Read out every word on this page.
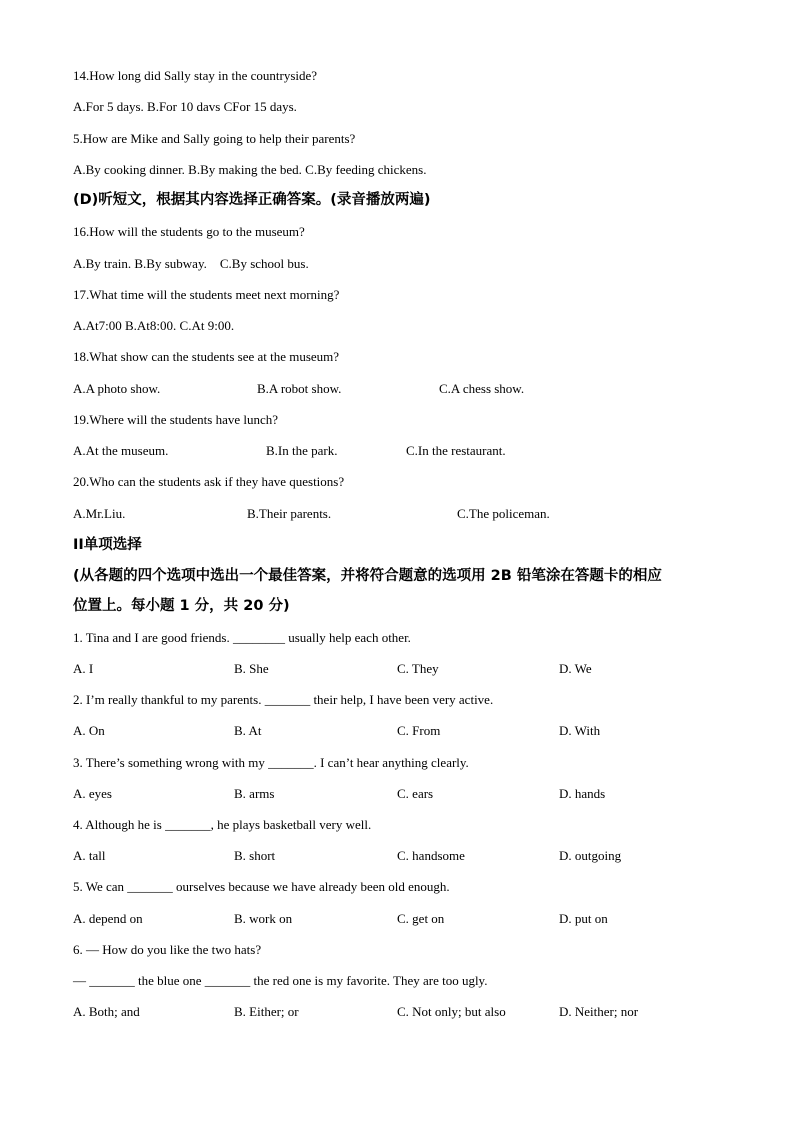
14.How long did Sally stay in the countryside?
A.For 5 days. B.For 10 davs CFor 15 days.
5.How are Mike and Sally going to help their parents?
A.By cooking dinner. B.By making the bed. C.By feeding chickens.
(D)听短文，根据其内容选择正确答案。(录音播放两遍)
16.How will the students go to the museum?
A.By train. B.By subway.    C.By school bus.
17.What time will the students meet next morning?
A.At7:00 B.At8:00. C.At 9:00.
18.What show can the students see at the museum?
A.A photo show.	B.A robot show.	C.A chess show.
19.Where will the students have lunch?
A.At the museum.	B.In the park.	C.In the restaurant.
20.Who can the students ask if they have questions?
A.Mr.Liu.	B.Their parents.	C.The policeman.
II单项选择
(从各题的四个选项中选出一个最佳答案，并将符合题意的选项用 2B 铅笔涂在答题卡的相应
位置上。每小题 1 分，共 20 分)
1. Tina and I are good friends. ________ usually help each other.
A. I	B. She	C. They	D. We
2. I’m really thankful to my parents. _______ their help, I have been very active.
A. On	B. At	C. From	D. With
3. There’s something wrong with my _______. I can’t hear anything clearly.
A. eyes	B. arms	C. ears	D. hands
4. Although he is _______, he plays basketball very well.
A. tall	B. short	C. handsome	D. outgoing
5. We can _______ ourselves because we have already been old enough.
A. depend on	B. work on	C. get on	D. put on
6. — How do you like the two hats?
— _______ the blue one _______ the red one is my favorite. They are too ugly.
A. Both; and	B. Either; or	C. Not only; but also	D. Neither; nor
